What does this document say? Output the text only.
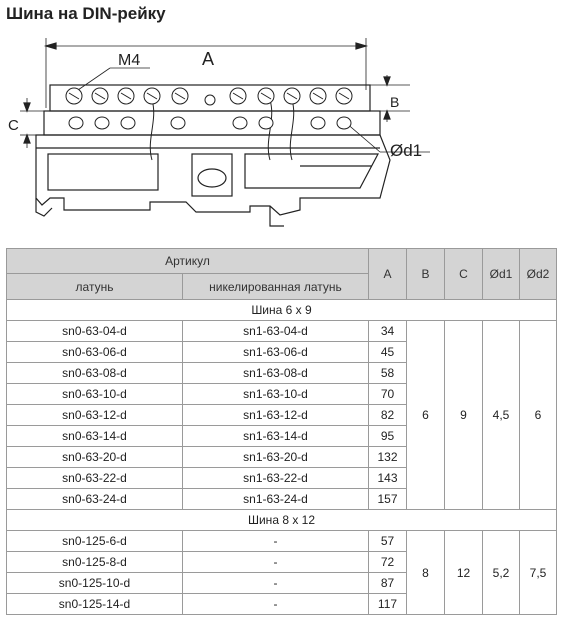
Шина на DIN-рейку
M4	A
B
C
Ød1
Артикул		A	B	C	Ød1	Ød2
латунь	никелированная латунь					
Шина 6 x 9						
sn0-63-04-d	sn1-63-04-d	34	6	9	4,5	6
sn0-63-06-d	sn1-63-06-d	45				
sn0-63-08-d	sn1-63-08-d	58				
sn0-63-10-d	sn1-63-10-d	70				
sn0-63-12-d	sn1-63-12-d	82				
sn0-63-14-d	sn1-63-14-d	95				
sn0-63-20-d	sn1-63-20-d	132				
sn0-63-22-d	sn1-63-22-d	143				
sn0-63-24-d	sn1-63-24-d	157				
Шина 8 x 12						
sn0-125-6-d	-	57	8	12	5,2	7,5
sn0-125-8-d	-	72				
sn0-125-10-d	-	87				
sn0-125-14-d	-	117				
